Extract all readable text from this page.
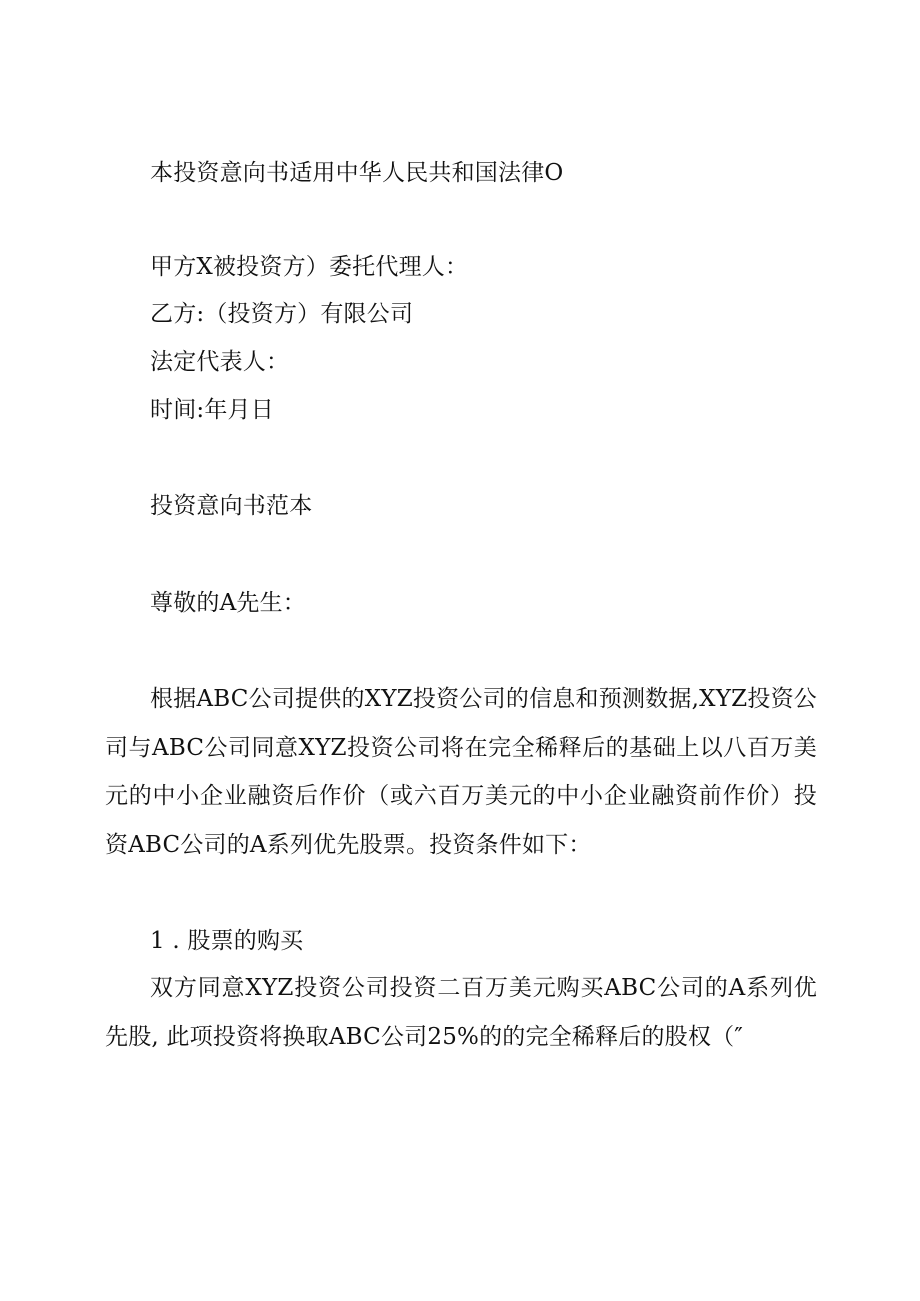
本投资意向书适用中华人民共和国法律O
甲方X被投资方）委托代理人：
乙方:（投资方）有限公司
法定代表人：
时间:年月日
投资意向书范本
尊敬的A先生：
根据ABC公司提供的XYZ投资公司的信息和预测数据,XYZ投资公司与ABC公司同意XYZ投资公司将在完全稀释后的基础上以八百万美元的中小企业融资后作价（或六百万美元的中小企业融资前作价）投资ABC公司的A系列优先股票。投资条件如下：
1 . 股票的购买
双方同意XYZ投资公司投资二百万美元购买ABC公司的A系列优先股, 此项投资将换取ABC公司25%的的完全稀释后的股权（″
